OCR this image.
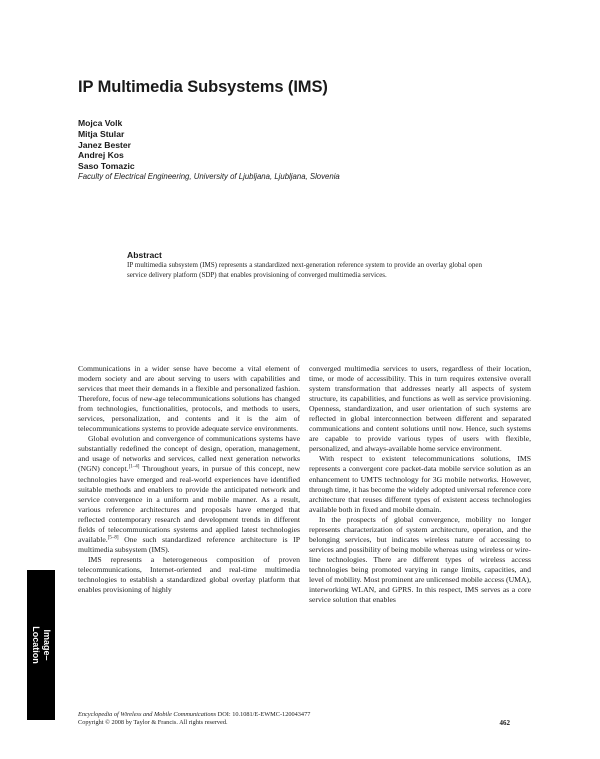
IP Multimedia Subsystems (IMS)
Mojca Volk
Mitja Stular
Janez Bester
Andrej Kos
Saso Tomazic
Faculty of Electrical Engineering, University of Ljubljana, Ljubljana, Slovenia
Abstract
IP multimedia subsystem (IMS) represents a standardized next-generation reference system to provide an overlay global open service delivery platform (SDP) that enables provisioning of converged multimedia services.

Communications in a wider sense have become a vital element of modern society and are about serving to users with capabilities and services that meet their demands in a flexible and personalized fashion. Therefore, focus of new-age telecommunications solutions has changed from technologies, functionalities, protocols, and methods to users, services, personalization, and contents and it is the aim of telecommunications systems to provide adequate service environments.

Global evolution and convergence of communications systems have substantially redefined the concept of design, operation, management, and usage of networks and services, called next generation networks (NGN) concept.[1–4] Throughout years, in pursue of this concept, new technologies have emerged and real-world experiences have identified suitable methods and enablers to provide the anticipated network and service convergence in a uniform and mobile manner. As a result, various reference architectures and proposals have emerged that reflected contemporary research and development trends in different fields of telecommunications systems and applied latest technologies available.[5–8] One such standardized reference architecture is IP multimedia subsystem (IMS).

IMS represents a heterogeneous composition of proven telecommunications, Internet-oriented and real-time multimedia technologies to establish a standardized global overlay platform that enables provisioning of highly

converged multimedia services to users, regardless of their location, time, or mode of accessibility. This in turn requires extensive overall system transformation that addresses nearly all aspects of system structure, its capabilities, and functions as well as service provisioning. Openness, standardization, and user orientation of such systems are reflected in global interconnection between different and separated communications and content solutions until now. Hence, such systems are capable to provide various types of users with flexible, personalized, and always-available home service environment.

With respect to existent telecommunications solutions, IMS represents a convergent core packet-data mobile service solution as an enhancement to UMTS technology for 3G mobile networks. However, through time, it has become the widely adopted universal reference core architecture that reuses different types of existent access technologies available both in fixed and mobile domain.

In the prospects of global convergence, mobility no longer represents characterization of system architecture, operation, and the belonging services, but indicates wireless nature of accessing to services and possibility of being mobile whereas using wireless or wire-line technologies. There are different types of wireless access technologies being promoted varying in range limits, capacities, and level of mobility. Most prominent are unlicensed mobile access (UMA), interworking WLAN, and GPRS. In this respect, IMS serves as a core service solution that enables

Image–
Location
Encyclopedia of Wireless and Mobile Communications DOI: 10.1081/E-EWMC-120043477
Copyright © 2008 by Taylor & Francis. All rights reserved.	462
